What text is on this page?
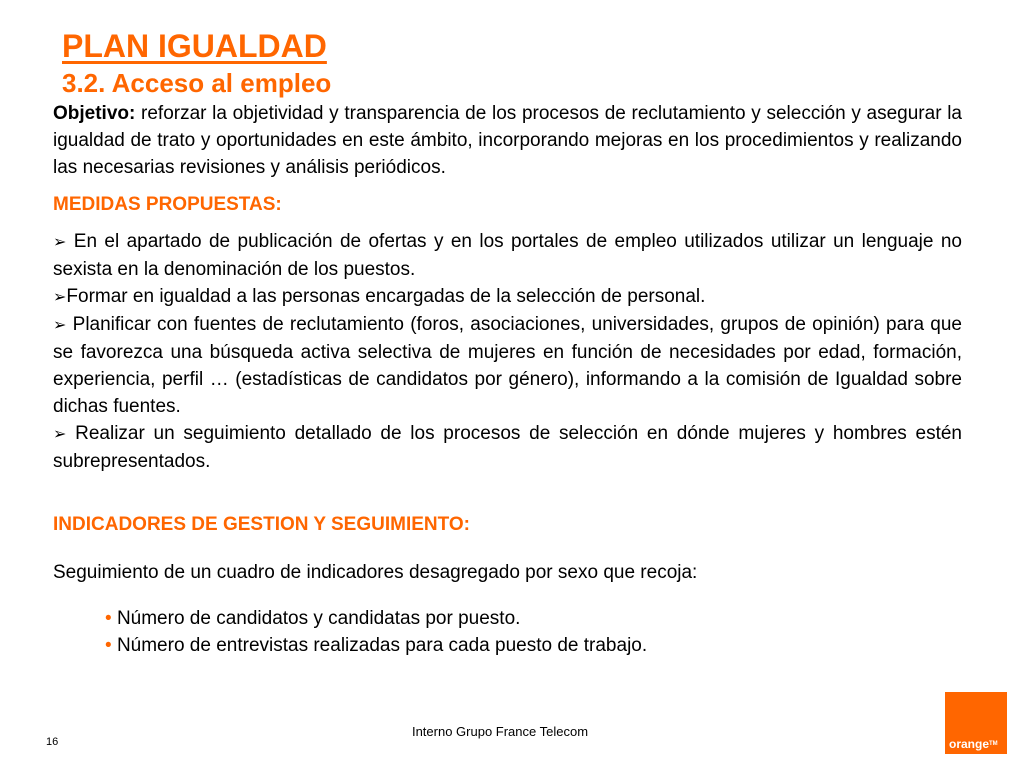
PLAN IGUALDAD
3.2. Acceso al empleo

Objetivo: reforzar la objetividad y transparencia de los procesos de reclutamiento y selección y asegurar la igualdad de trato y oportunidades en este ámbito, incorporando mejoras en los procedimientos y realizando las necesarias revisiones y análisis periódicos.

MEDIDAS PROPUESTAS:

➢ En el apartado de publicación de ofertas y en los portales de empleo utilizados utilizar un lenguaje no sexista en la denominación de los puestos.

➢Formar en igualdad a las personas encargadas de la selección de personal.

➢ Planificar con fuentes de reclutamiento (foros, asociaciones, universidades, grupos de opinión) para que se favorezca una búsqueda activa selectiva de mujeres en función de necesidades por edad, formación, experiencia, perfil … (estadísticas de candidatos por género), informando a la comisión de Igualdad sobre dichas fuentes.

➢ Realizar un seguimiento detallado de los procesos de selección en dónde mujeres y hombres estén subrepresentados.

INDICADORES DE GESTION Y SEGUIMIENTO:

Seguimiento de un cuadro de indicadores desagregado por sexo que recoja:

• Número de candidatos y candidatas por puesto.

• Número de entrevistas realizadas para cada puesto de trabajo.

Interno Grupo France Telecom
16	orange™
